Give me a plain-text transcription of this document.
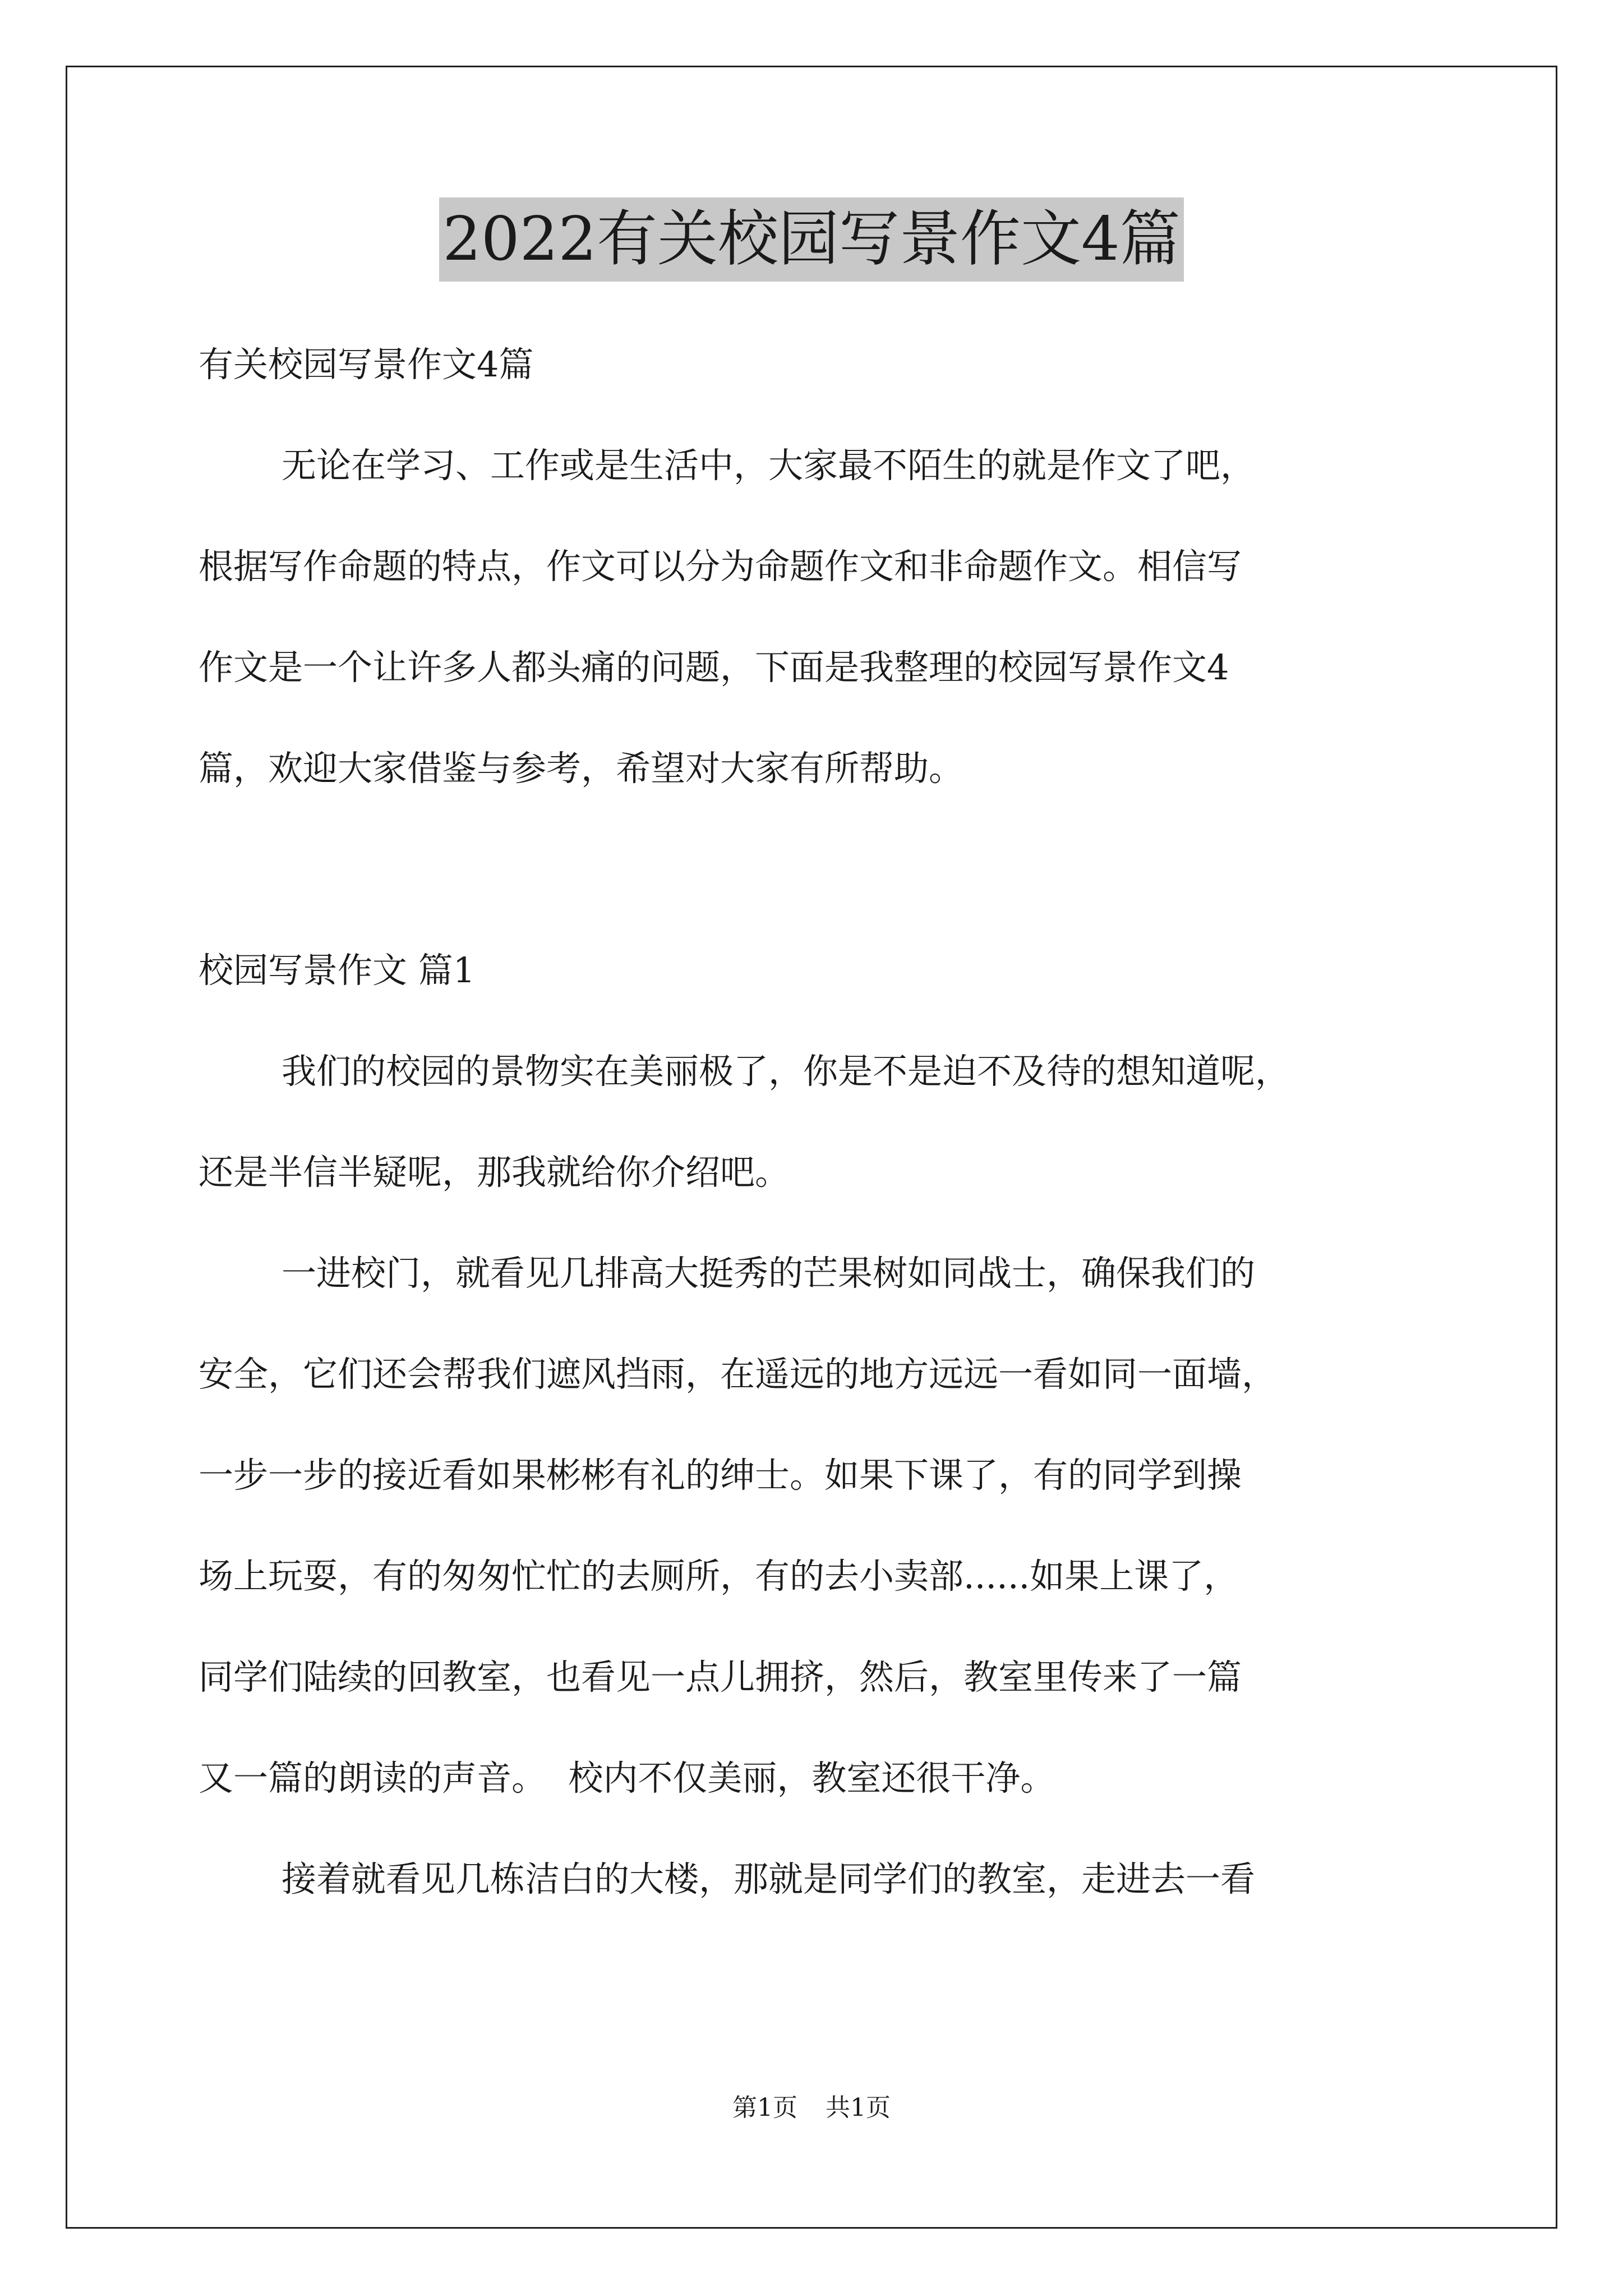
2022有关校园写景作文4篇

有关校园写景作文4篇

无论在学习、工作或是生活中，大家最不陌生的就是作文了吧，

根据写作命题的特点，作文可以分为命题作文和非命题作文。相信写

作文是一个让许多人都头痛的问题，下面是我整理的校园写景作文4

篇，欢迎大家借鉴与参考，希望对大家有所帮助。

校园写景作文 篇1

我们的校园的景物实在美丽极了，你是不是迫不及待的想知道呢，

还是半信半疑呢，那我就给你介绍吧。

一进校门，就看见几排高大挺秀的芒果树如同战士，确保我们的

安全，它们还会帮我们遮风挡雨，在遥远的地方远远一看如同一面墙，

一步一步的接近看如果彬彬有礼的绅士。如果下课了，有的同学到操

场上玩耍，有的匆匆忙忙的去厕所，有的去小卖部......如果上课了，

同学们陆续的回教室，也看见一点儿拥挤，然后，教室里传来了一篇

又一篇的朗读的声音。  校内不仅美丽，教室还很干净。

接着就看见几栋洁白的大楼，那就是同学们的教室，走进去一看

第1页 共1页
